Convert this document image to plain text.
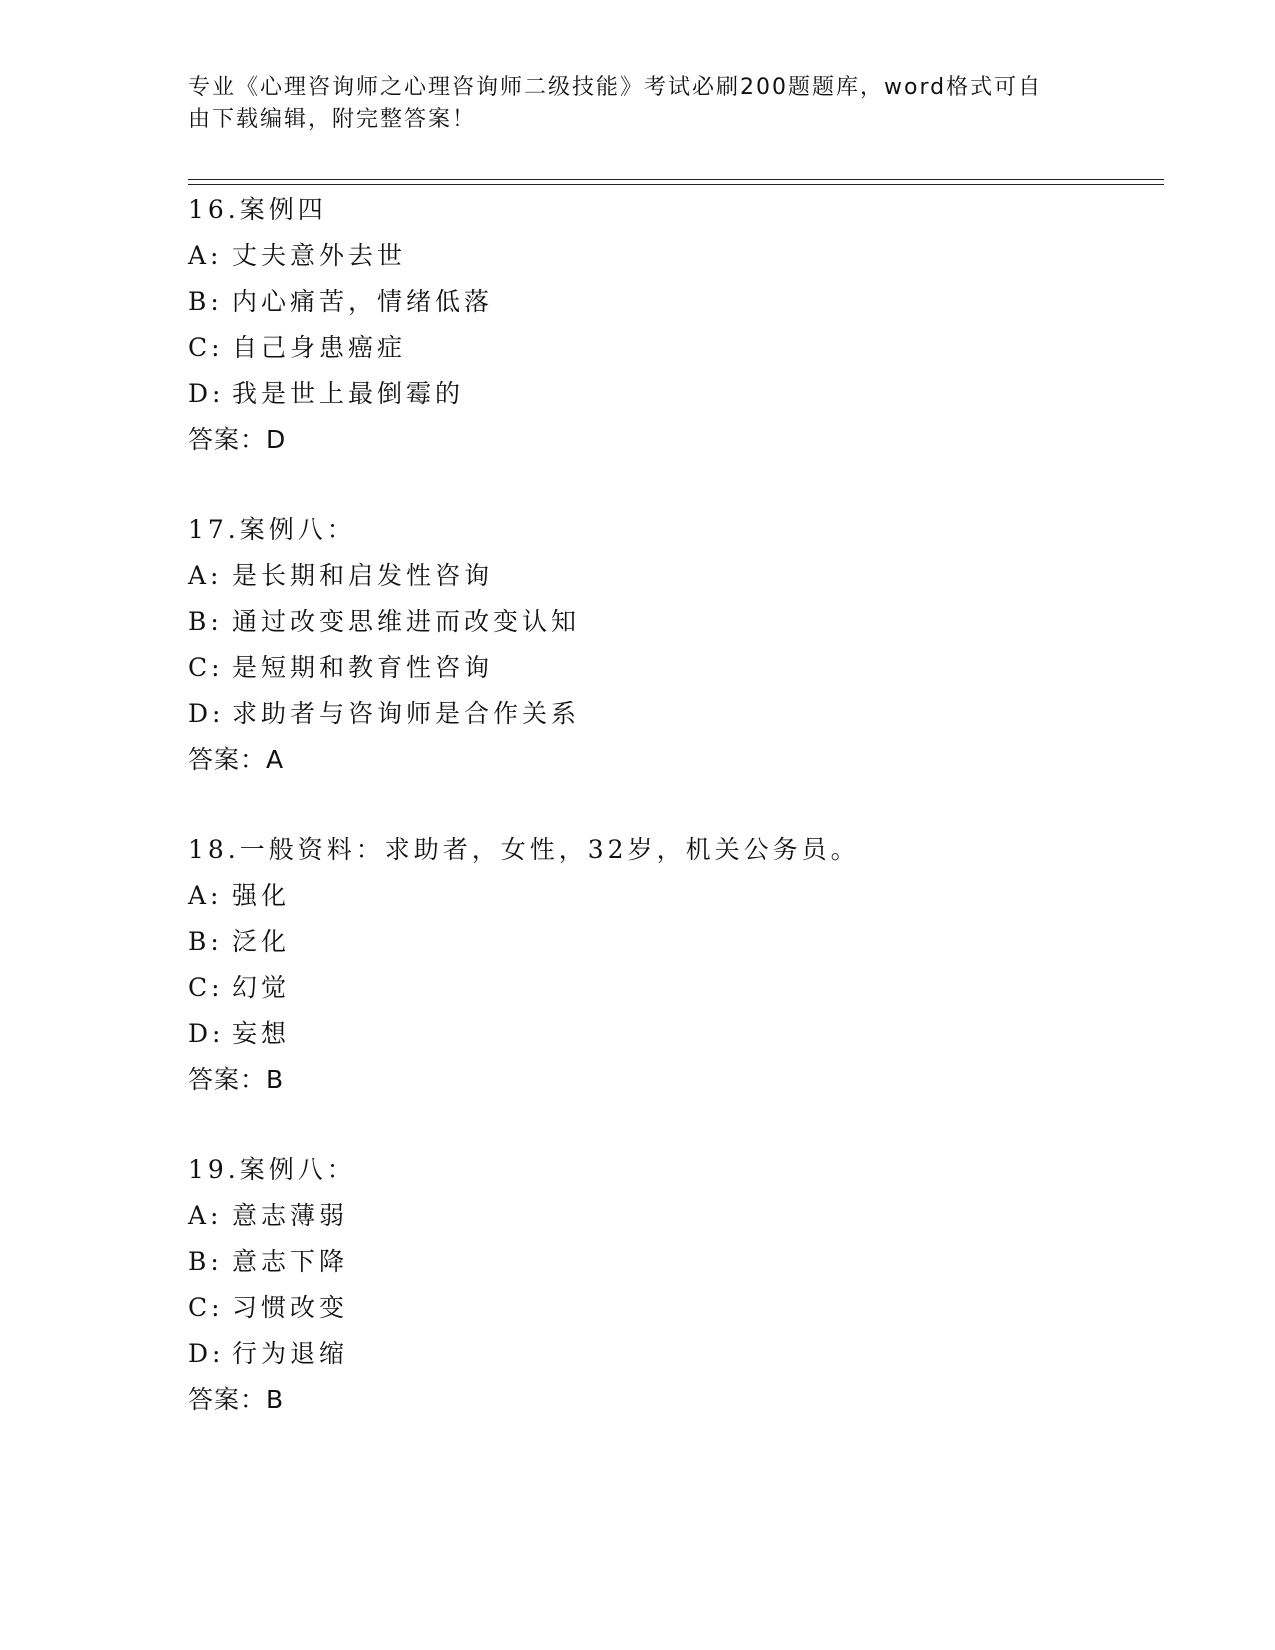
专业《心理咨询师之心理咨询师二级技能》考试必刷200题题库，word格式可自
由下载编辑，附完整答案！
16.案例四
A: 丈夫意外去世
B: 内心痛苦，情绪低落
C: 自己身患癌症
D: 我是世上最倒霉的
答案：D
17.案例八：
A: 是长期和启发性咨询
B: 通过改变思维进而改变认知
C: 是短期和教育性咨询
D: 求助者与咨询师是合作关系
答案：A
18.一般资料：求助者，女性，32岁，机关公务员。
A: 强化
B: 泛化
C: 幻觉
D: 妄想
答案：B
19.案例八：
A: 意志薄弱
B: 意志下降
C: 习惯改变
D: 行为退缩
答案：B
